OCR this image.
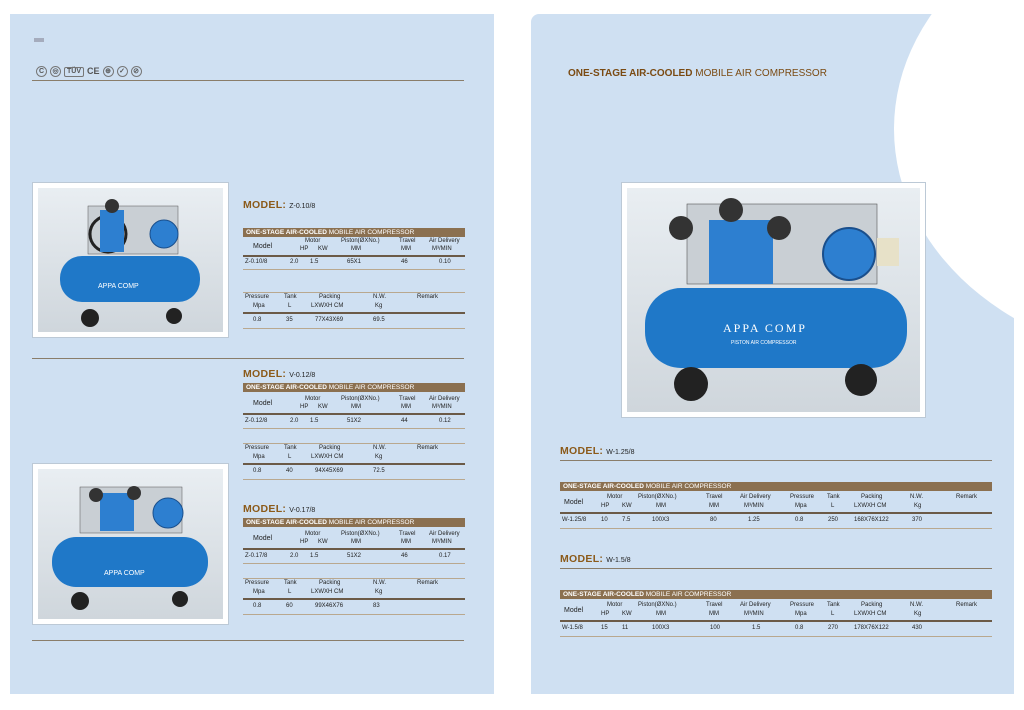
C	◎	TÜV CE ⊕	✓	⊘
APPA COMP
APPA COMP
MODEL: Z-0.10/8
ONE-STAGE AIR-COOLED MOBILE AIR COMPRESSOR
Motor	Piston(ØXNo.)	Travel Air Delivery
Model	HP KW	MM	MM	M³/MIN
Z-0.10/8	2.0 1.5	65X1	46	0.10
Pressure Tank	Packing	N.W.	Remark
Mpa	L	LXWXH CM	Kg
0.8	35	77X43X69	69.5
MODEL: V-0.12/8
ONE-STAGE AIR-COOLED MOBILE AIR COMPRESSOR
Motor	Piston(ØXNo.)	Travel Air Delivery
Model	HP KW	MM	MM	M³/MIN
Z-0.12/8	2.0 1.5	51X2	44	0.12
Pressure Tank	Packing	N.W.	Remark
Mpa	L	LXWXH CM	Kg
0.8	40	94X45X69	72.5
MODEL: V-0.17/8
ONE-STAGE AIR-COOLED MOBILE AIR COMPRESSOR
Motor	Piston(ØXNo.)	Travel Air Delivery
Model	HP KW	MM	MM	M³/MIN
Z-0.17/8	2.0 1.5	51X2	46	0.17
Pressure Tank	Packing	N.W.	Remark
Mpa	L	LXWXH CM	Kg
0.8	60	99X46X76	83
ONE-STAGE AIR-COOLED MOBILE AIR COMPRESSOR
APPA COMP
PISTON AIR COMPRESSOR
MODEL: W-1.25/8
ONE-STAGE AIR-COOLED MOBILE AIR COMPRESSOR
Motor	Piston(ØXNo.)	Travel	Air Delivery	Pressure Tank	Packing	N.W.	Remark
Model	HP KW	MM	MM	M³/MIN	Mpa	L	LXWXH CM	Kg
W-1.25/8 10 7.5	100X3	80	1.25	0.8	250	168X76X122	370
MODEL: W-1.5/8
ONE-STAGE AIR-COOLED MOBILE AIR COMPRESSOR
Motor	Piston(ØXNo.)	Travel	Air Delivery	Pressure Tank	Packing	N.W.	Remark
Model	HP KW	MM	MM	M³/MIN	Mpa	L	LXWXH CM	Kg
W-1.5/8	15 11	100X3	100	1.5	0.8	270	178X76X122	430
